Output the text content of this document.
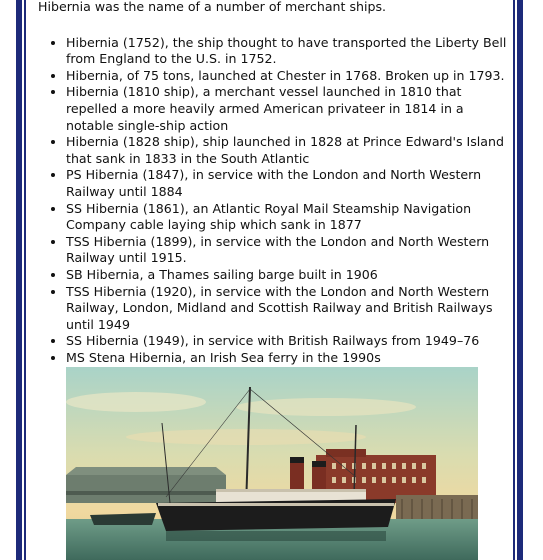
Hibernia was the name of a number of merchant ships.

• Hibernia (1752), the ship thought to have transported the Liberty Bell from England to the U.S. in 1752.
• Hibernia, of 75 tons, launched at Chester in 1768. Broken up in 1793.
• Hibernia (1810 ship), a merchant vessel launched in 1810 that repelled a more heavily armed American privateer in 1814 in a notable single-ship action
• Hibernia (1828 ship), ship launched in 1828 at Prince Edward's Island that sank in 1833 in the South Atlantic
• PS Hibernia (1847), in service with the London and North Western Railway until 1884
• SS Hibernia (1861), an Atlantic Royal Mail Steamship Navigation Company cable laying ship which sank in 1877
• TSS Hibernia (1899), in service with the London and North Western Railway until 1915.
• SB Hibernia, a Thames sailing barge built in 1906
• TSS Hibernia (1920), in service with the London and North Western Railway, London, Midland and Scottish Railway and British Railways until 1949
• SS Hibernia (1949), in service with British Railways from 1949–76
• MS Stena Hibernia, an Irish Sea ferry in the 1990s
